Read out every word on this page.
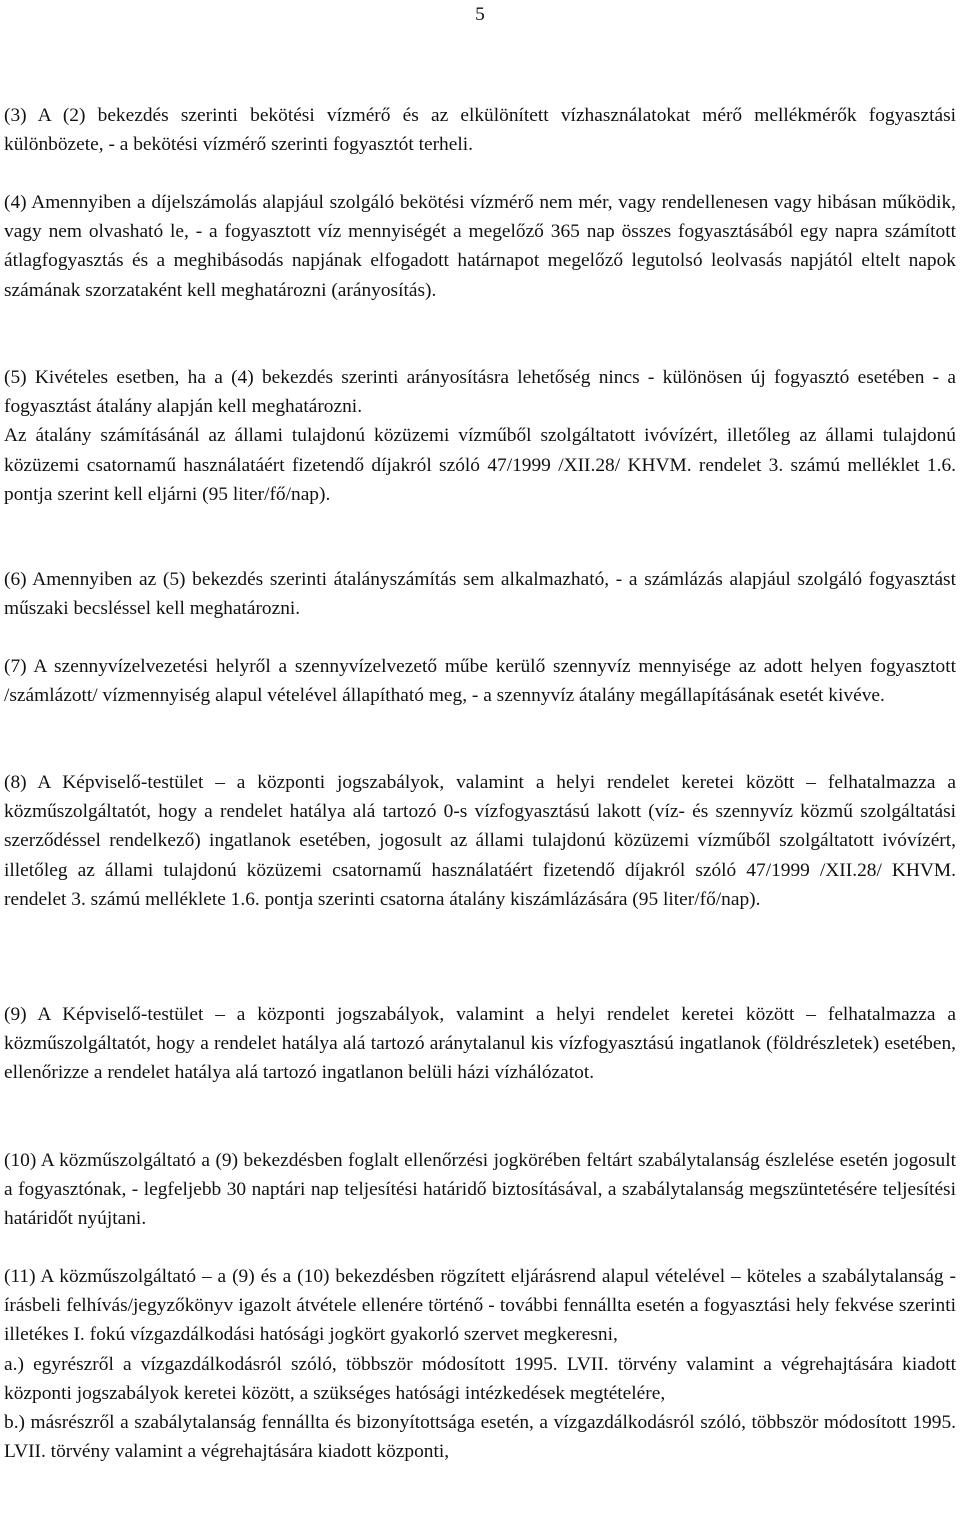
5

(3) A (2) bekezdés szerinti bekötési vízmérő és az elkülönített vízhasználatokat mérő mellékmérők fogyasztási különbözete, - a bekötési vízmérő szerinti fogyasztót terheli.

(4) Amennyiben a díjelszámolás alapjául szolgáló bekötési vízmérő nem mér, vagy rendellenesen vagy hibásan működik, vagy nem olvasható le, - a fogyasztott víz mennyiségét a megelőző 365 nap összes fogyasztásából egy napra számított átlagfogyasztás és a meghibásodás napjának elfogadott határnapot megelőző legutolsó leolvasás napjától eltelt napok számának szorzataként kell meghatározni (arányosítás).

(5) Kivételes esetben, ha a (4) bekezdés szerinti arányosításra lehetőség nincs - különösen új fogyasztó esetében - a fogyasztást átalány alapján kell meghatározni.

Az átalány számításánál az állami tulajdonú közüzemi vízműből szolgáltatott ivóvízért, illetőleg az állami tulajdonú közüzemi csatornamű használatáért fizetendő díjakról szóló 47/1999 /XII.28/ KHVM. rendelet 3. számú melléklet 1.6. pontja szerint kell eljárni (95 liter/fő/nap).

(6) Amennyiben az (5) bekezdés szerinti átalányszámítás sem alkalmazható, - a számlázás alapjául szolgáló fogyasztást műszaki becsléssel kell meghatározni.

(7) A szennyvízelvezetési helyről a szennyvízelvezető műbe kerülő szennyvíz mennyisége az adott helyen fogyasztott /számlázott/ vízmennyiség alapul vételével állapítható meg, - a szennyvíz átalány megállapításának esetét kivéve.

(8) A Képviselő-testület – a központi jogszabályok, valamint a helyi rendelet keretei között – felhatalmazza a közműszolgáltatót, hogy a rendelet hatálya alá tartozó 0-s vízfogyasztású lakott (víz- és szennyvíz közmű szolgáltatási szerződéssel rendelkező) ingatlanok esetében, jogosult az állami tulajdonú közüzemi vízműből szolgáltatott ivóvízért, illetőleg az állami tulajdonú közüzemi csatornamű használatáért fizetendő díjakról szóló 47/1999 /XII.28/ KHVM. rendelet 3. számú melléklete 1.6. pontja szerinti csatorna átalány kiszámlázására (95 liter/fő/nap).

(9) A Képviselő-testület – a központi jogszabályok, valamint a helyi rendelet keretei között – felhatalmazza a közműszolgáltatót, hogy a rendelet hatálya alá tartozó aránytalanul kis vízfogyasztású ingatlanok (földrészletek) esetében, ellenőrizze a rendelet hatálya alá tartozó ingatlanon belüli házi vízhálózatot.

(10) A közműszolgáltató a (9) bekezdésben foglalt ellenőrzési jogkörében feltárt szabálytalanság észlelése esetén jogosult a fogyasztónak, - legfeljebb 30 naptári nap teljesítési határidő biztosításával, a szabálytalanság megszüntetésére teljesítési határidőt nyújtani.

(11) A közműszolgáltató – a (9) és a (10) bekezdésben rögzített eljárásrend alapul vételével – köteles a szabálytalanság - írásbeli felhívás/jegyzőkönyv igazolt átvétele ellenére történő - további fennállta esetén a fogyasztási hely fekvése szerinti illetékes I. fokú vízgazdálkodási hatósági jogkört gyakorló szervet megkeresni,

a.) egyrészről a vízgazdálkodásról szóló, többször módosított 1995. LVII. törvény valamint a végrehajtására kiadott központi jogszabályok keretei között, a szükséges hatósági intézkedések megtételére,

b.) másrészről a szabálytalanság fennállta és bizonyítottsága esetén, a vízgazdálkodásról szóló, többször módosított 1995. LVII. törvény valamint a végrehajtására kiadott központi,
